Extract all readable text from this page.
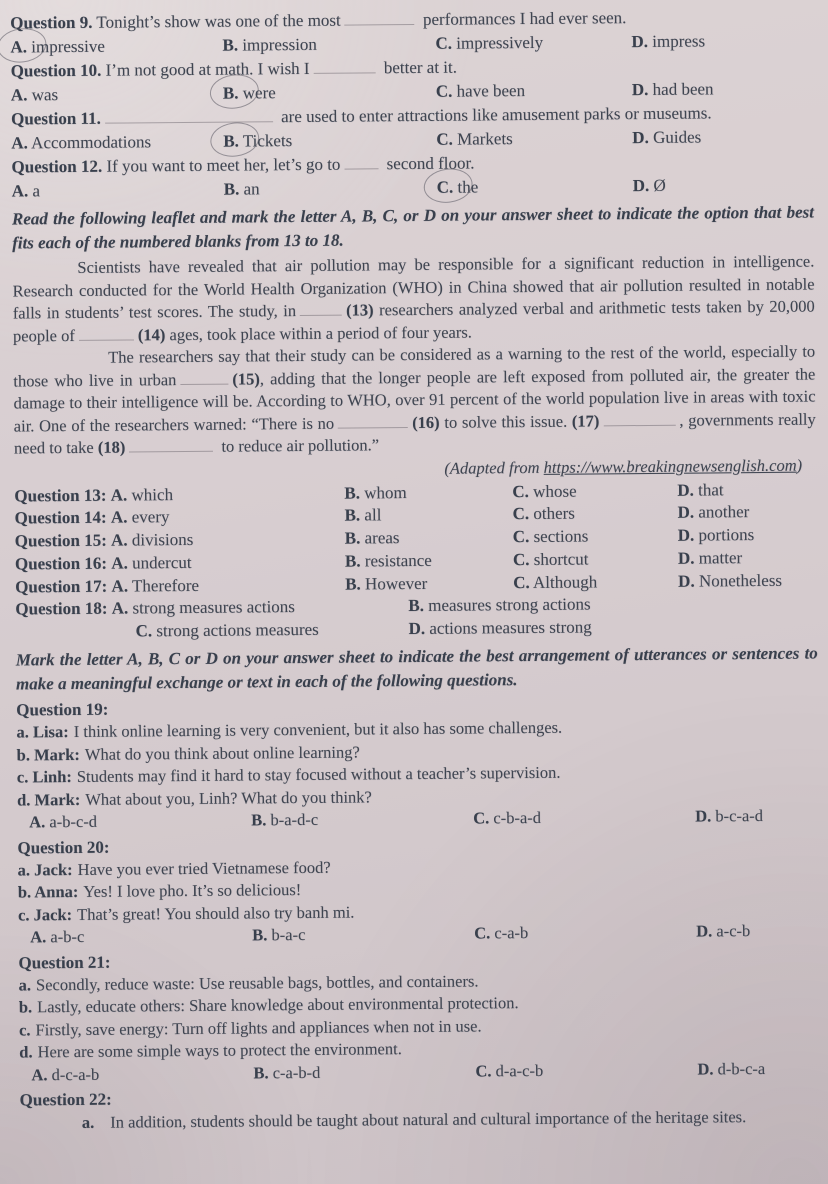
Question 9. Tonight’s show was one of the most	performances I had ever seen.
A. impressive	B. impression	C. impressively	D. impress
Question 10. I’m not good at math. I wish I	better at it.
A. was	B. were	C. have been	D. had been
Question 11.	are used to enter attractions like amusement parks or museums.
A. Accommodations	B. Tickets	C. Markets	D. Guides
Question 12. If you want to meet her, let’s go to second floor.
A. a	B. an	C. the	D. Ø

Read the following leaflet and mark the letter A, B, C, or D on your answer sheet to indicate the option that best fits each of the numbered blanks from 13 to 18.

Scientists have revealed that air pollution may be responsible for a significant reduction in intelligence. Research conducted for the World Health Organization (WHO) in China showed that air pollution resulted in notable falls in students’ test scores. The study, in	(13) researchers analyzed verbal and arithmetic tests taken by 20,000 people of	(14) ages, took place within a period of four years.

The researchers say that their study can be considered as a warning to the rest of the world, especially to those who live in urban	(15), adding that the longer people are left exposed from polluted air, the greater the damage to their intelligence will be. According to WHO, over 91 percent of the world population live in areas with toxic air. One of the researchers warned: “There is no	(16) to solve this issue. (17)	, governments really need to take (18)	to reduce air pollution.”

(Adapted from https://www.breakingnewsenglish.com)
Question 13: A. which	B. whom	C. whose	D. that
Question 14: A. every	B. all	C. others	D. another
Question 15: A. divisions	B. areas	C. sections	D. portions
Question 16: A. undercut	B. resistance	C. shortcut	D. matter
Question 17: A. Therefore	B. However	C. Although	D. Nonetheless
Question 18: A. strong measures actions	B. measures strong actions
C. strong actions measures	D. actions measures strong

Mark the letter A, B, C or D on your answer sheet to indicate the best arrangement of utterances or sentences to make a meaningful exchange or text in each of the following questions.

Question 19:
a. Lisa: I think online learning is very convenient, but it also has some challenges.
b. Mark: What do you think about online learning?
c. Linh: Students may find it hard to stay focused without a teacher’s supervision.
d. Mark: What about you, Linh? What do you think?
A. a-b-c-d	B. b-a-d-c	C. c-b-a-d	D. b-c-a-d
Question 20:
a. Jack: Have you ever tried Vietnamese food?
b. Anna: Yes! I love pho. It’s so delicious!
c. Jack: That’s great! You should also try banh mi.
A. a-b-c	B. b-a-c	C. c-a-b	D. a-c-b
Question 21:
a. Secondly, reduce waste: Use reusable bags, bottles, and containers.
b. Lastly, educate others: Share knowledge about environmental protection.
c. Firstly, save energy: Turn off lights and appliances when not in use.
d. Here are some simple ways to protect the environment.
A. d-c-a-b	B. c-a-b-d	C. d-a-c-b	D. d-b-c-a
Question 22:
a. In addition, students should be taught about natural and cultural importance of the heritage sites.
